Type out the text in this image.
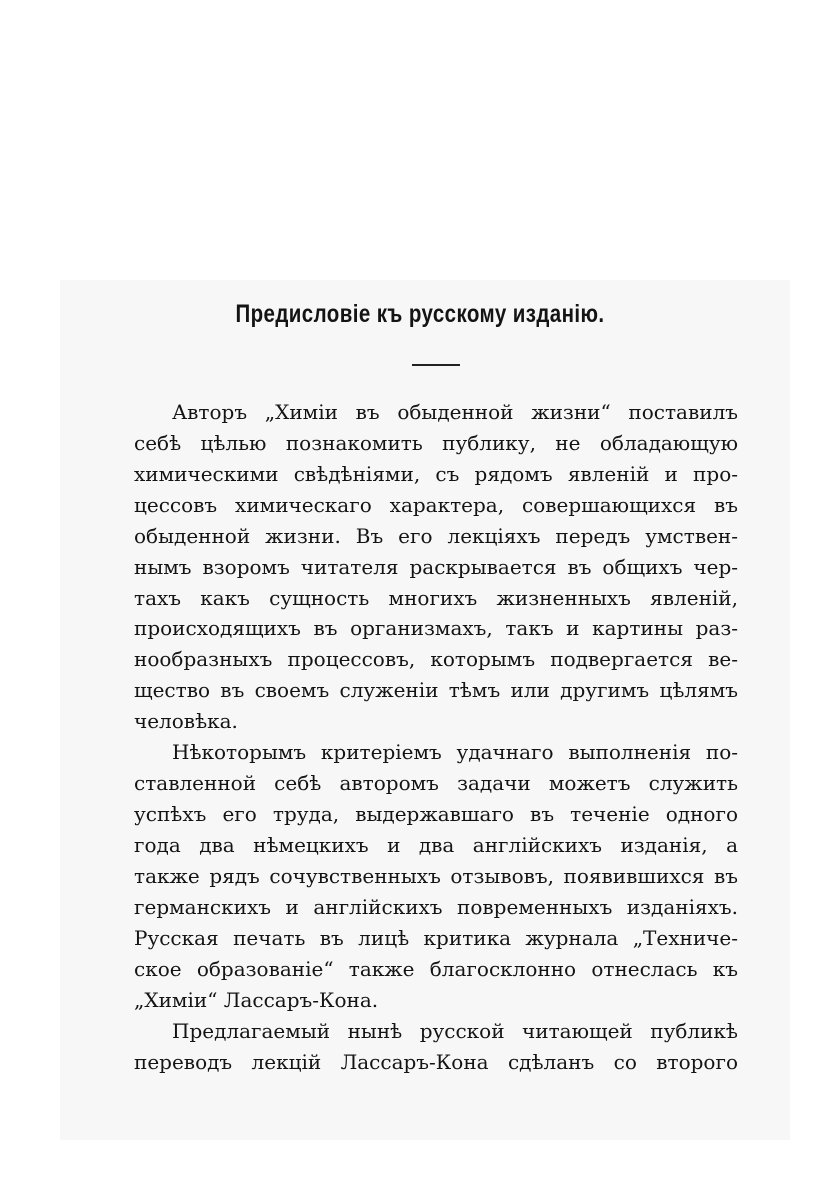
Предисловіе къ русскому изданію.
Авторъ „Химіи въ обыденной жизни“ поставилъ
себѣ цѣлью познакомить публику, не обладающую
химическими свѣдѣніями, съ рядомъ явленій и про-
цессовъ химическаго характера, совершающихся въ
обыденной жизни. Въ его лекціяхъ передъ умствен-
нымъ взоромъ читателя раскрывается въ общихъ чер-
тахъ какъ сущность многихъ жизненныхъ явленій,
происходящихъ въ организмахъ, такъ и картины раз-
нообразныхъ процессовъ, которымъ подвергается ве-
щество въ своемъ служеніи тѣмъ или другимъ цѣлямъ
человѣка.
Нѣкоторымъ критеріемъ удачнаго выполненія по-
ставленной себѣ авторомъ задачи можетъ служить
успѣхъ его труда, выдержавшаго въ теченіе одного
года два нѣмецкихъ и два англійскихъ изданія, а
также рядъ сочувственныхъ отзывовъ, появившихся въ
германскихъ и англійскихъ повременныхъ изданіяхъ.
Русская печать въ лицѣ критика журнала „Техниче-
ское образованіе“ также благосклонно отнеслась къ
„Химіи“ Лассаръ-Кона.
Предлагаемый нынѣ русской читающей публикѣ
переводъ лекцій Лассаръ-Кона сдѣланъ со второго
